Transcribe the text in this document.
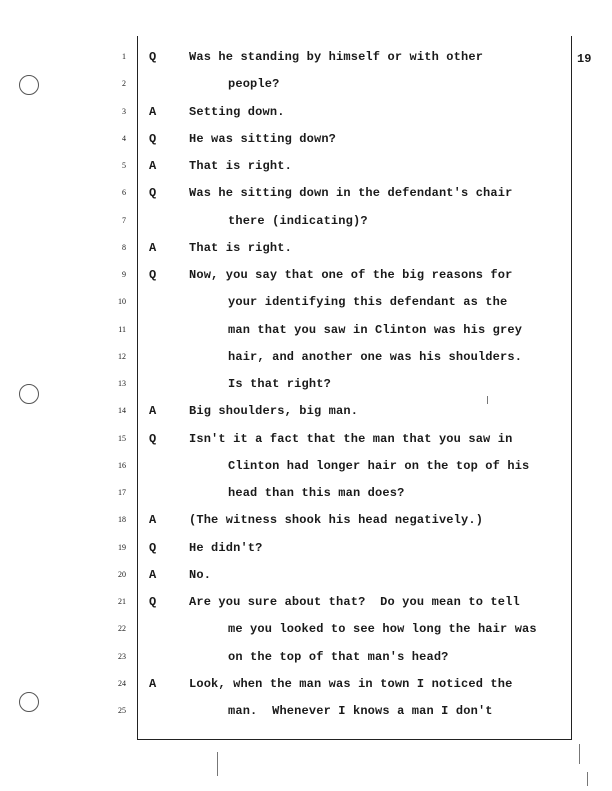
19
1 Q	Was he standing by himself or with other
2	people?
3 A	Setting down.
4 Q	He was sitting down?
5 A	That is right.
6 Q	Was he sitting down in the defendant's chair
7	there (indicating)?
8 A	That is right.
9 Q	Now, you say that one of the big reasons for
10	your identifying this defendant as the
11	man that you saw in Clinton was his grey
12	hair, and another one was his shoulders.
13	Is that right?
14 A	Big shoulders, big man.
15 Q	Isn't it a fact that the man that you saw in
16	Clinton had longer hair on the top of his
17	head than this man does?
18 A	(The witness shook his head negatively.)
19 Q	He didn't?
20 A	No.
21 Q	Are you sure about that?  Do you mean to tell
22	me you looked to see how long the hair was
23	on the top of that man's head?
24 A	Look, when the man was in town I noticed the
25	man.  Whenever I knows a man I don't
